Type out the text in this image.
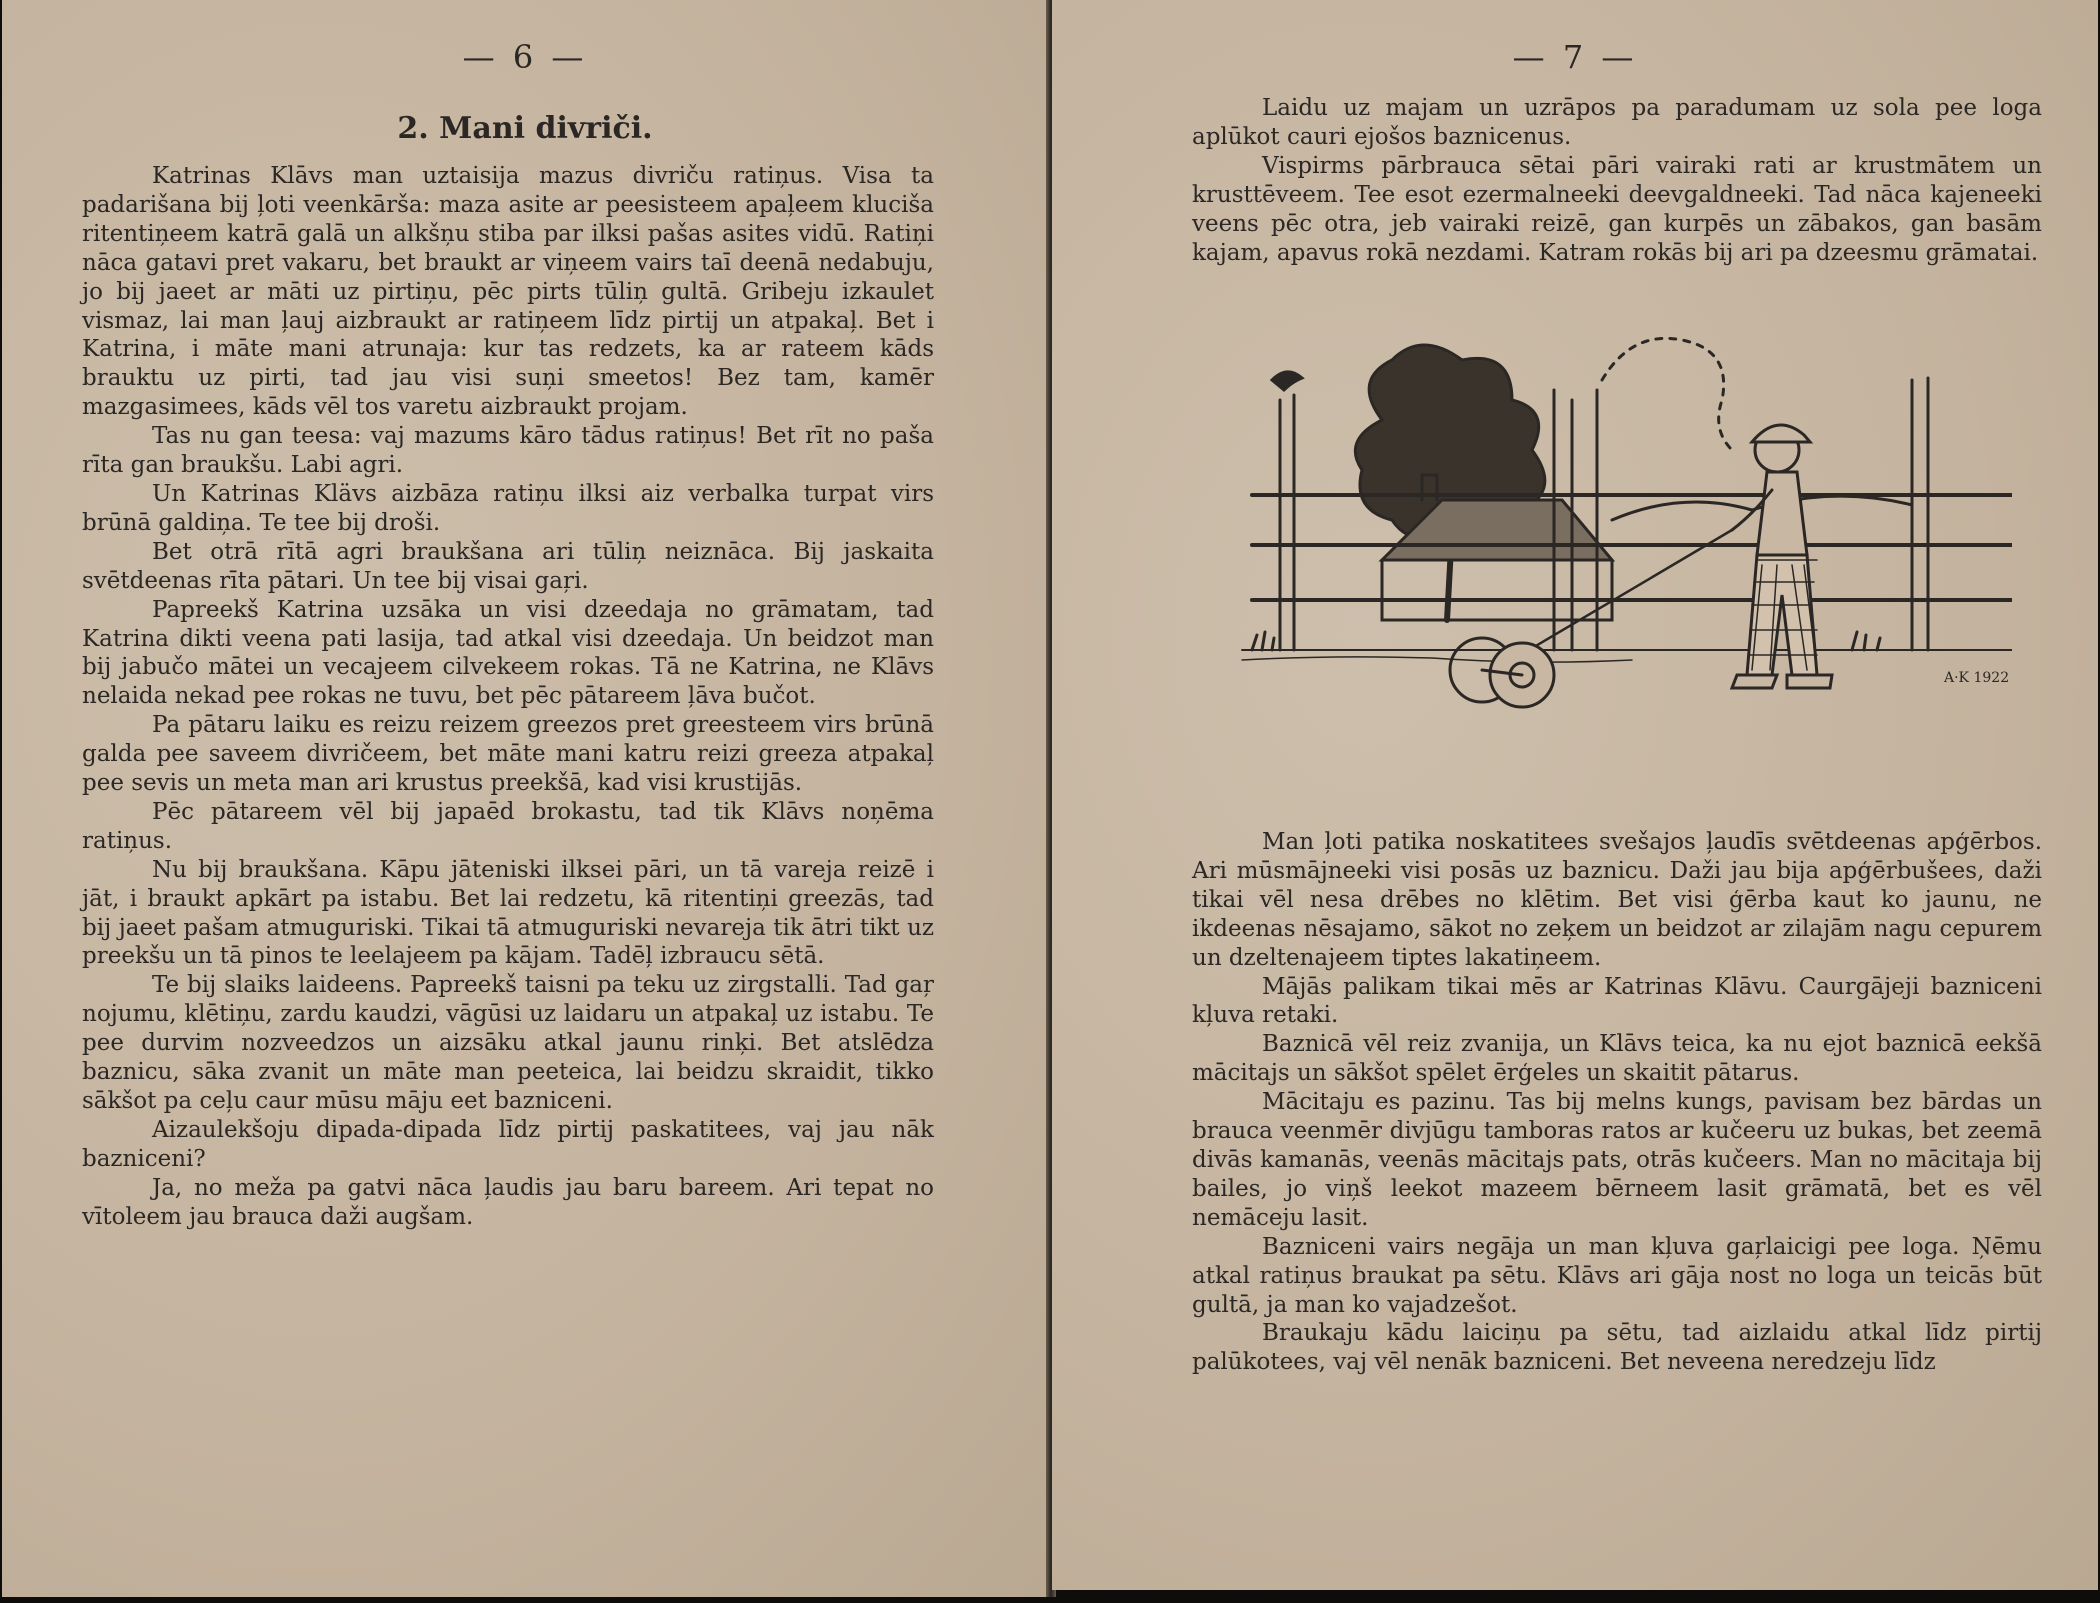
— 6 —
2. Mani divriči.

Katrinas Klāvs man uztaisija mazus divriču ratiņus. Visa ta padarišana bij ļoti veenkārša: maza asite ar peesisteem apaļeem kluciša ritentiņeem katrā galā un alkšņu stiba par ilksi pašas asites vidū. Ratiņi nāca gatavi pret vakaru, bet braukt ar viņeem vairs taī deenā nedabuju, jo bij jaeet ar māti uz pirtiņu, pēc pirts tūliņ gultā. Gribeju izkaulet vismaz, lai man ļauj aizbraukt ar ratiņeem līdz pirtij un atpakaļ. Bet i Katrina, i māte mani atrunaja: kur tas redzets, ka ar rateem kāds brauktu uz pirti, tad jau visi suņi smeetos! Bez tam, kamēr mazgasimees, kāds vēl tos varetu aizbraukt projam.

Tas nu gan teesa: vaj mazums kāro tādus ratiņus! Bet rīt no paša rīta gan braukšu. Labi agri.

Un Katrinas Klävs aizbāza ratiņu ilksi aiz verbalka turpat virs brūnā galdiņa. Te tee bij droši.

Bet otrā rītā agri braukšana ari tūliņ neiznāca. Bij jaskaita svētdeenas rīta pātari. Un tee bij visai gaŗi.

Papreekš Katrina uzsāka un visi dzeedaja no grāmatam, tad Katrina dikti veena pati lasija, tad atkal visi dzeedaja. Un beidzot man bij jabučo mātei un vecajeem cilvekeem rokas. Tā ne Katrina, ne Klāvs nelaida nekad pee rokas ne tuvu, bet pēc pātareem ļāva bučot.

Pa pātaru laiku es reizu reizem greezos pret greesteem virs brūnā galda pee saveem divričeem, bet māte mani katru reizi greeza atpakaļ pee sevis un meta man ari krustus preekšā, kad visi krustijās.

Pēc pātareem vēl bij japaēd brokastu, tad tik Klāvs noņēma ratiņus.

Nu bij braukšana. Kāpu jāteniski ilksei pāri, un tā vareja reizē i jāt, i braukt apkārt pa istabu. Bet lai redzetu, kā ritentiņi greezās, tad bij jaeet pašam atmuguriski. Tikai tā atmuguriski nevareja tik ātri tikt uz preekšu un tā pinos te leelajeem pa kājam. Tadēļ izbraucu sētā.

Te bij slaiks laideens. Papreekš taisni pa teku uz zirgstalli. Tad gaŗ nojumu, klētiņu, zardu kaudzi, vāgūsi uz laidaru un atpakaļ uz istabu. Te pee durvim nozveedzos un aizsāku atkal jaunu rinķi. Bet atslēdza baznicu, sāka zvanit un māte man peeteica, lai beidzu skraidit, tikko sākšot pa ceļu caur mūsu māju eet bazniceni.

Aizaulekšoju dipada-dipada līdz pirtij paskatitees, vaj jau nāk bazniceni?

Ja, no meža pa gatvi nāca ļaudis jau baru bareem. Ari tepat no vītoleem jau brauca daži augšam.

— 7 —

Laidu uz majam un uzrāpos pa paradumam uz sola pee loga aplūkot cauri ejošos baznicenus.

Vispirms pārbrauca sētai pāri vairaki rati ar krustmātem un krusttēveem. Tee esot ezermalneeki deevgaldneeki. Tad nāca kajeneeki veens pēc otra, jeb vairaki reizē, gan kurpēs un zābakos, gan basām kajam, apavus rokā nezdami. Katram rokās bij ari pa dzeesmu grāmatai.

A·K 1922

Man ļoti patika noskatitees svešajos ļaudīs svētdeenas apģērbos. Ari mūsmājneeki visi posās uz baznicu. Daži jau bija apģērbušees, daži tikai vēl nesa drēbes no klētim. Bet visi ģērba kaut ko jaunu, ne ikdeenas nēsajamo, sākot no zeķem un beidzot ar zilajām nagu cepurem un dzeltenajeem tiptes lakatiņeem.

Mājās palikam tikai mēs ar Katrinas Klāvu. Caurgājeji bazniceni kļuva retaki.

Baznicā vēl reiz zvanija, un Klāvs teica, ka nu ejot baznicā eekšā mācitajs un sākšot spēlet ērģeles un skaitit pātarus.

Mācitaju es pazinu. Tas bij melns kungs, pavisam bez bārdas un brauca veenmēr divjūgu tamboras ratos ar kučeeru uz bukas, bet zeemā divās kamanās, veenās mācitajs pats, otrās kučeers. Man no mācitaja bij bailes, jo viņš leekot mazeem bērneem lasit grāmatā, bet es vēl nemāceju lasit.

Bazniceni vairs negāja un man kļuva gaŗlaicigi pee loga. Ņēmu atkal ratiņus braukat pa sētu. Klāvs ari gāja nost no loga un teicās būt gultā, ja man ko vajadzešot.

Braukaju kādu laiciņu pa sētu, tad aizlaidu atkal līdz pirtij palūkotees, vaj vēl nenāk bazniceni. Bet neveena neredzeju līdz
